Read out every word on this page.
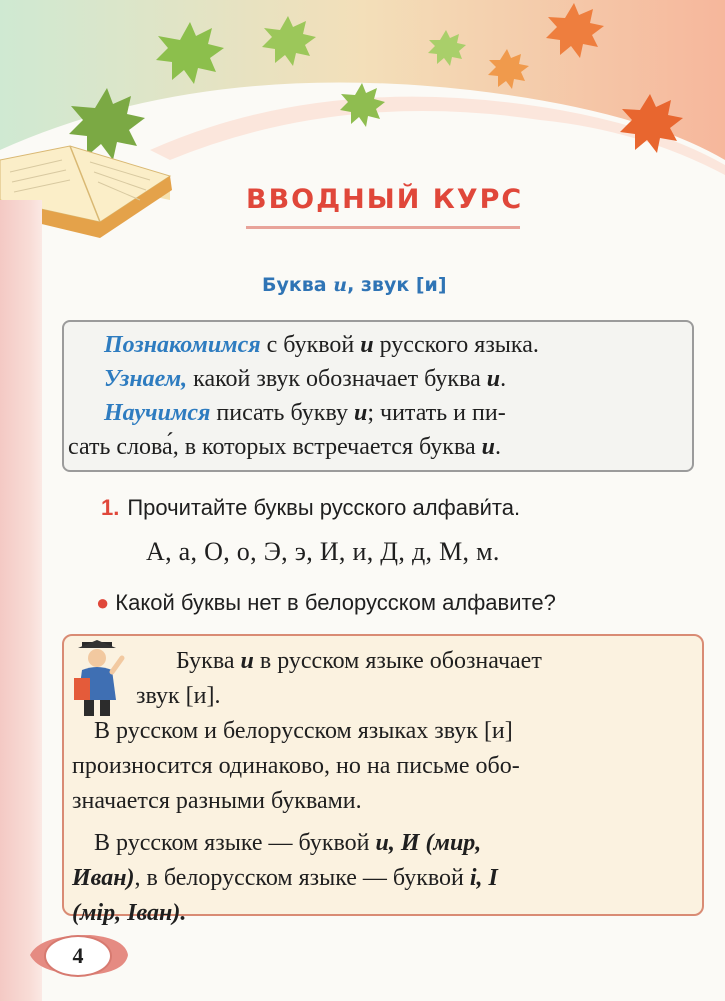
ВВОДНЫЙ КУРС
Буква и, звук [и]

Познакомимся с буквой и русского языка.

Узнаем, какой звук обозначает буква и.

Научимся писать букву и; читать и пи-

сать слова́, в которых встречается буква и.

1. Прочитайте буквы русского алфави́та.
А, а, О, о, Э, э, И, и, Д, д, М, м.
● Какой буквы нет в белорусском алфавите?

Буква и в русском языке обозначает

звук [и].

В русском и белорусском языках звук [и]

произносится одинаково, но на письме обо-

значается разными буквами.

В русском языке — буквой и, И (мир,

Иван), в белорусском языке — буквой і, І

(мір, Іван).

4
